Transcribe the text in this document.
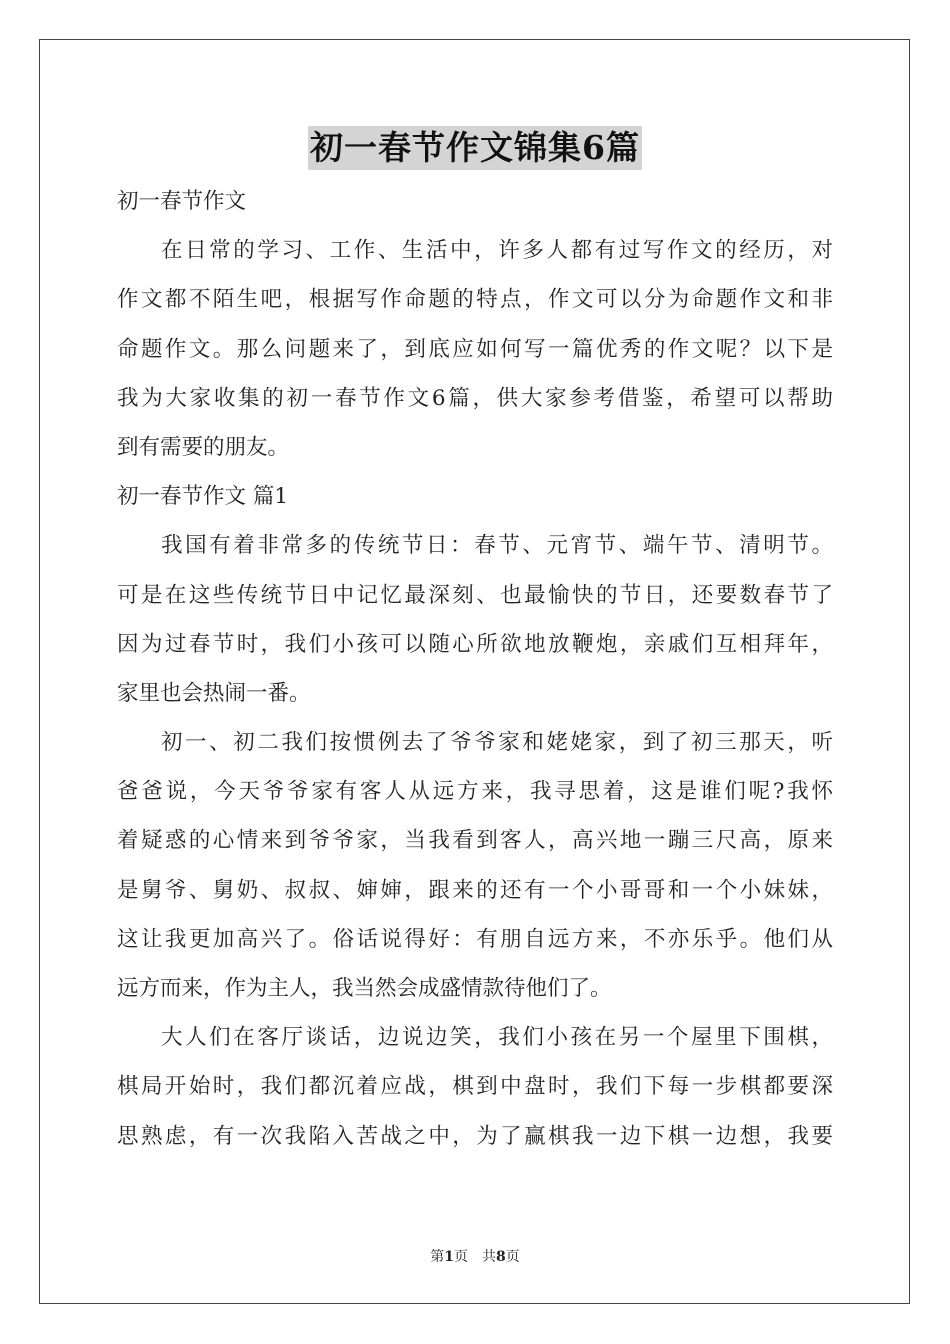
初一春节作文锦集6篇
初一春节作文
在日常的学习、工作、生活中，许多人都有过写作文的经历，对
作文都不陌生吧，根据写作命题的特点，作文可以分为命题作文和非
命题作文。那么问题来了，到底应如何写一篇优秀的作文呢？以下是
我为大家收集的初一春节作文6篇，供大家参考借鉴，希望可以帮助
到有需要的朋友。
初一春节作文 篇1
我国有着非常多的传统节日：春节、元宵节、端午节、清明节。
可是在这些传统节日中记忆最深刻、也最愉快的节日，还要数春节了
因为过春节时，我们小孩可以随心所欲地放鞭炮，亲戚们互相拜年，
家里也会热闹一番。
初一、初二我们按惯例去了爷爷家和姥姥家，到了初三那天，听
爸爸说，今天爷爷家有客人从远方来，我寻思着，这是谁们呢?我怀
着疑惑的心情来到爷爷家，当我看到客人，高兴地一蹦三尺高，原来
是舅爷、舅奶、叔叔、婶婶，跟来的还有一个小哥哥和一个小妹妹，
这让我更加高兴了。俗话说得好：有朋自远方来，不亦乐乎。他们从
远方而来，作为主人，我当然会成盛情款待他们了。
大人们在客厅谈话，边说边笑，我们小孩在另一个屋里下围棋，
棋局开始时，我们都沉着应战，棋到中盘时，我们下每一步棋都要深
思熟虑，有一次我陷入苦战之中，为了赢棋我一边下棋一边想，我要
第1页 共8页
